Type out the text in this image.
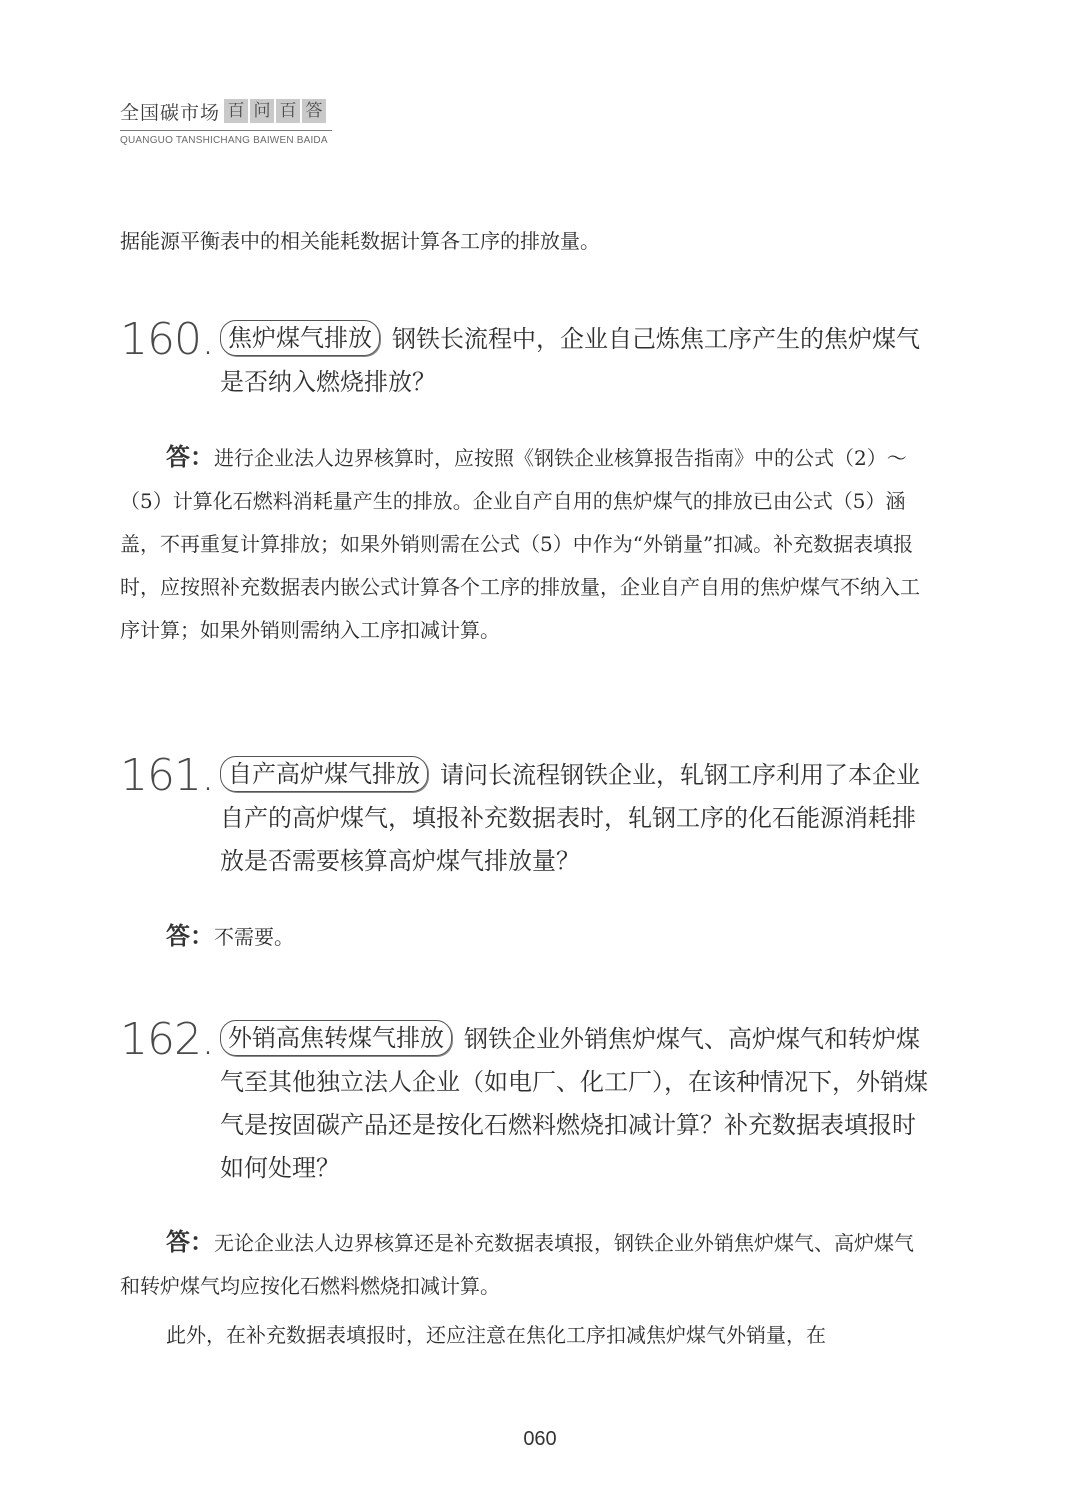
全国碳市场 百 问 百 答
QUANGUO TANSHICHANG BAIWEN BAIDA
据能源平衡表中的相关能耗数据计算各工序的排放量。
160. 焦炉煤气排放 钢铁长流程中，企业自己炼焦工序产生的焦炉煤气是否纳入燃烧排放？
答：进行企业法人边界核算时，应按照《钢铁企业核算报告指南》中的公式（2）～（5）计算化石燃料消耗量产生的排放。企业自产自用的焦炉煤气的排放已由公式（5）涵盖，不再重复计算排放；如果外销则需在公式（5）中作为“外销量”扣减。补充数据表填报时，应按照补充数据表内嵌公式计算各个工序的排放量，企业自产自用的焦炉煤气不纳入工序计算；如果外销则需纳入工序扣减计算。
161. 自产高炉煤气排放 请问长流程钢铁企业，轧钢工序利用了本企业自产的高炉煤气，填报补充数据表时，轧钢工序的化石能源消耗排放是否需要核算高炉煤气排放量？
答：不需要。
162. 外销高焦转煤气排放 钢铁企业外销焦炉煤气、高炉煤气和转炉煤气至其他独立法人企业（如电厂、化工厂），在该种情况下，外销煤气是按固碳产品还是按化石燃料燃烧扣减计算？补充数据表填报时如何处理？
答：无论企业法人边界核算还是补充数据表填报，钢铁企业外销焦炉煤气、高炉煤气和转炉煤气均应按化石燃料燃烧扣减计算。
此外，在补充数据表填报时，还应注意在焦化工序扣减焦炉煤气外销量，在
060
